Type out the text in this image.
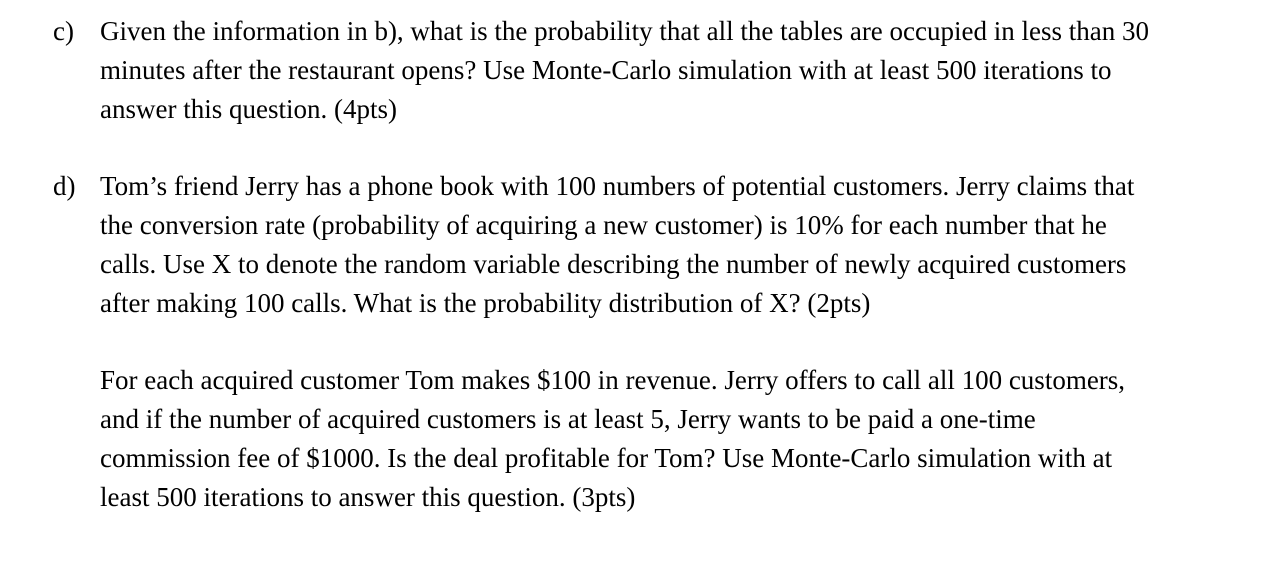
c) Given the information in b), what is the probability that all the tables are occupied in less than 30
minutes after the restaurant opens? Use Monte-Carlo simulation with at least 500 iterations to
answer this question. (4pts)
d) Tom’s friend Jerry has a phone book with 100 numbers of potential customers. Jerry claims that
the conversion rate (probability of acquiring a new customer) is 10% for each number that he
calls. Use X to denote the random variable describing the number of newly acquired customers
after making 100 calls. What is the probability distribution of X? (2pts)
For each acquired customer Tom makes $100 in revenue. Jerry offers to call all 100 customers,
and if the number of acquired customers is at least 5, Jerry wants to be paid a one-time
commission fee of $1000. Is the deal profitable for Tom? Use Monte-Carlo simulation with at
least 500 iterations to answer this question. (3pts)
